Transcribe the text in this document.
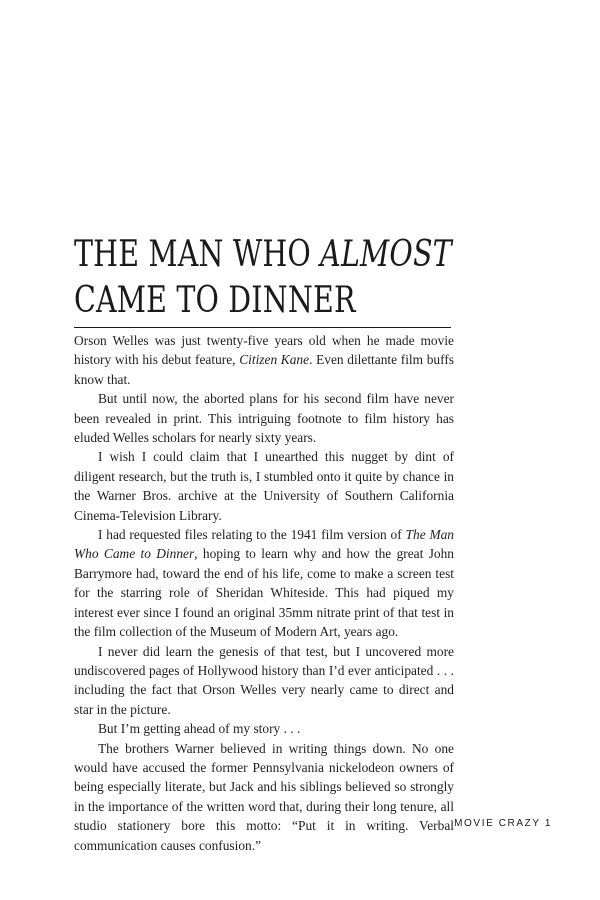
THE MAN WHO ALMOST
CAME TO DINNER

Orson Welles was just twenty-five years old when he made movie history with his debut feature, Citizen Kane. Even dilettante film buffs know that.

But until now, the aborted plans for his second film have never been revealed in print. This intriguing footnote to film history has eluded Welles scholars for nearly sixty years.

I wish I could claim that I unearthed this nugget by dint of diligent research, but the truth is, I stumbled onto it quite by chance in the Warner Bros. archive at the University of Southern California Cinema-Television Library.

I had requested files relating to the 1941 film version of The Man Who Came to Dinner, hoping to learn why and how the great John Barrymore had, toward the end of his life, come to make a screen test for the starring role of Sheridan Whiteside. This had piqued my interest ever since I found an original 35mm nitrate print of that test in the film collection of the Museum of Modern Art, years ago.

I never did learn the genesis of that test, but I uncovered more undiscovered pages of Hollywood history than I’d ever anticipated . . . including the fact that Orson Welles very nearly came to direct and star in the picture.

But I’m getting ahead of my story . . .

The brothers Warner believed in writing things down. No one would have accused the former Pennsylvania nickelodeon owners of being especially literate, but Jack and his siblings believed so strongly in the importance of the written word that, during their long tenure, all studio stationery bore this motto: “Put it in writing. Verbal communication causes confusion.”

MOVIE CRAZY 1
